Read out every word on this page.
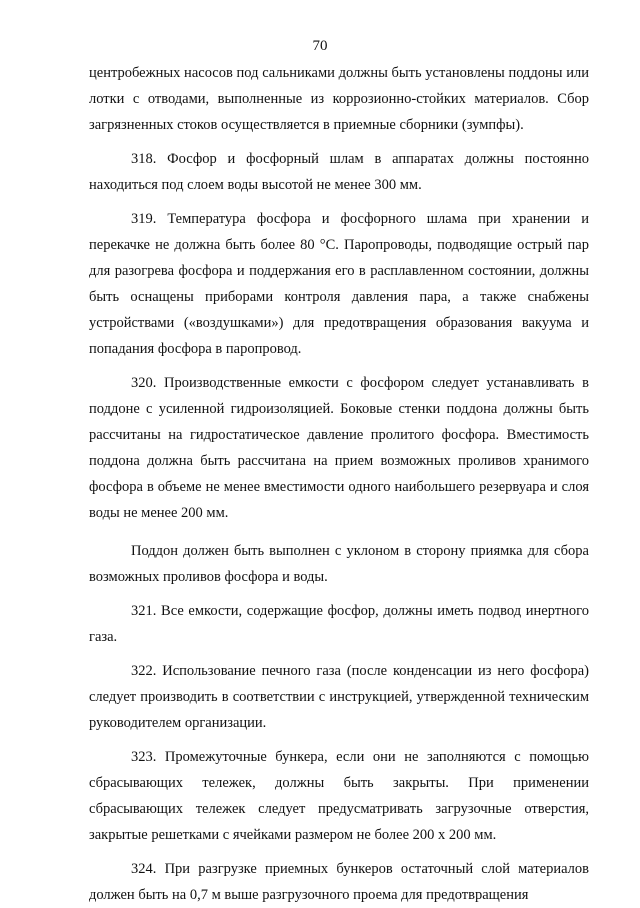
70

центробежных насосов под сальниками должны быть установлены поддоны или лотки с отводами, выполненные из коррозионно-стойких материалов. Сбор загрязненных стоков осуществляется в приемные сборники (зумпфы).

318. Фосфор и фосфорный шлам в аппаратах должны постоянно находиться под слоем воды высотой не менее 300 мм.

319. Температура фосфора и фосфорного шлама при хранении и перекачке не должна быть более 80 °С. Паропроводы, подводящие острый пар для разогрева фосфора и поддержания его в расплавленном состоянии, должны быть оснащены приборами контроля давления пара, а также снабжены устройствами («воздушками») для предотвращения образования вакуума и попадания фосфора в паропровод.

320. Производственные емкости с фосфором следует устанавливать в поддоне с усиленной гидроизоляцией. Боковые стенки поддона должны быть рассчитаны на гидростатическое давление пролитого фосфора. Вместимость поддона должна быть рассчитана на прием возможных проливов хранимого фосфора в объеме не менее вместимости одного наибольшего резервуара и слоя воды не менее 200 мм.

Поддон должен быть выполнен с уклоном в сторону приямка для сбора возможных проливов фосфора и воды.

321. Все емкости, содержащие фосфор, должны иметь подвод инертного газа.

322. Использование печного газа (после конденсации из него фосфора) следует производить в соответствии с инструкцией, утвержденной техническим руководителем организации.

323. Промежуточные бункера, если они не заполняются с помощью сбрасывающих тележек, должны быть закрыты. При применении сбрасывающих тележек следует предусматривать загрузочные отверстия, закрытые решетками с ячейками размером не более 200 х 200 мм.

324. При разгрузке приемных бункеров остаточный слой материалов должен быть на 0,7 м выше разгрузочного проема для предотвращения
